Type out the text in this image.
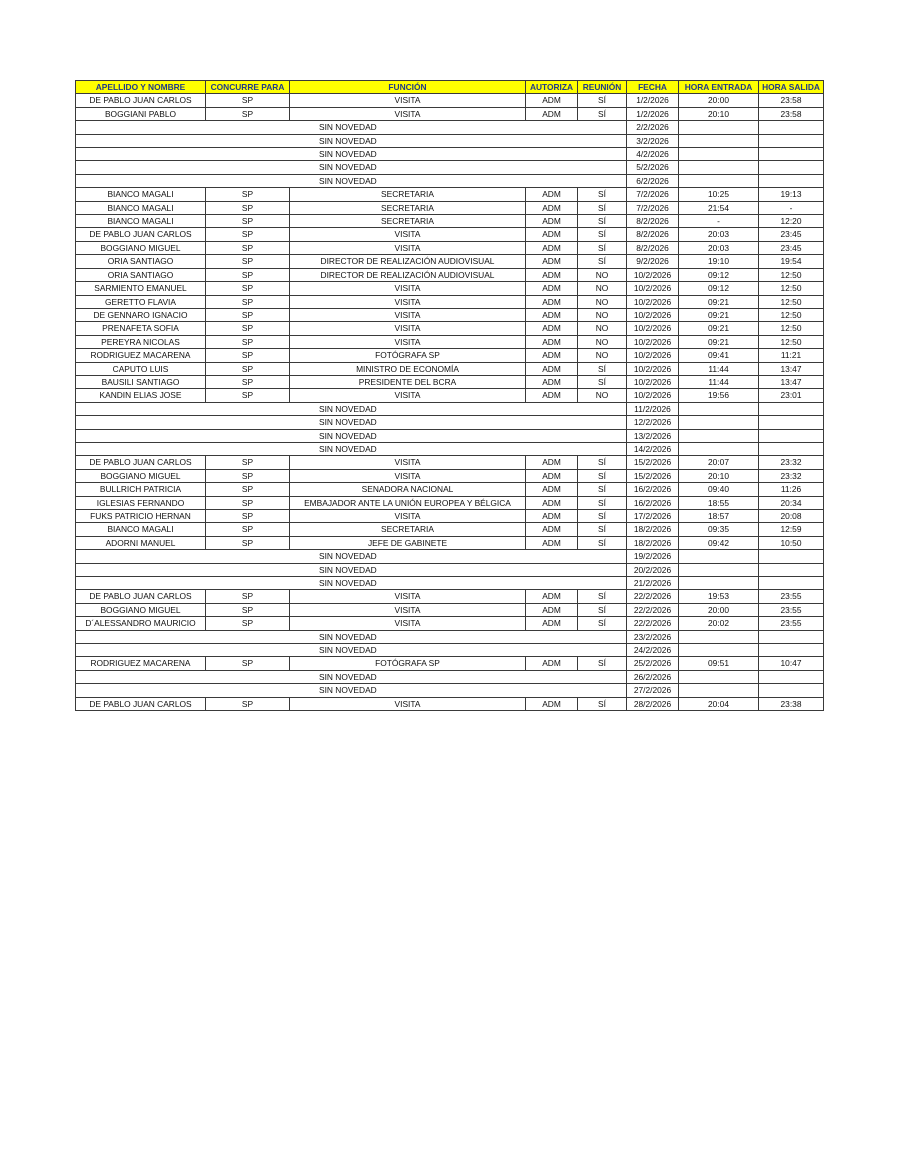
APELLIDO Y NOMBRE	CONCURRE PARA	FUNCIÓN	AUTORIZA	REUNIÓN	FECHA	HORA ENTRADA	HORA SALIDA
DE PABLO JUAN CARLOS	SP	VISITA	ADM	SÍ	1/2/2026	20:00	23:58
BOGGIANI PABLO	SP	VISITA	ADM	SÍ	1/2/2026	20:10	23:58
SIN NOVEDAD					2/2/2026		
SIN NOVEDAD					3/2/2026		
SIN NOVEDAD					4/2/2026		
SIN NOVEDAD					5/2/2026		
SIN NOVEDAD					6/2/2026		
BIANCO MAGALI	SP	SECRETARIA	ADM	SÍ	7/2/2026	10:25	19:13
BIANCO MAGALI	SP	SECRETARIA	ADM	SÍ	7/2/2026	21:54	-
BIANCO MAGALI	SP	SECRETARIA	ADM	SÍ	8/2/2026	-	12:20
DE PABLO JUAN CARLOS	SP	VISITA	ADM	SÍ	8/2/2026	20:03	23:45
BOGGIANO MIGUEL	SP	VISITA	ADM	SÍ	8/2/2026	20:03	23:45
ORIA SANTIAGO	SP	DIRECTOR DE REALIZACIÓN AUDIOVISUAL	ADM	SÍ	9/2/2026	19:10	19:54
ORIA SANTIAGO	SP	DIRECTOR DE REALIZACIÓN AUDIOVISUAL	ADM	NO	10/2/2026	09:12	12:50
SARMIENTO EMANUEL	SP	VISITA	ADM	NO	10/2/2026	09:12	12:50
GERETTO FLAVIA	SP	VISITA	ADM	NO	10/2/2026	09:21	12:50
DE GENNARO IGNACIO	SP	VISITA	ADM	NO	10/2/2026	09:21	12:50
PRENAFETA SOFIA	SP	VISITA	ADM	NO	10/2/2026	09:21	12:50
PEREYRA NICOLAS	SP	VISITA	ADM	NO	10/2/2026	09:21	12:50
RODRIGUEZ MACARENA	SP	FOTÓGRAFA SP	ADM	NO	10/2/2026	09:41	11:21
CAPUTO LUIS	SP	MINISTRO DE ECONOMÍA	ADM	SÍ	10/2/2026	11:44	13:47
BAUSILI SANTIAGO	SP	PRESIDENTE DEL BCRA	ADM	SÍ	10/2/2026	11:44	13:47
KANDIN ELIAS JOSE	SP	VISITA	ADM	NO	10/2/2026	19:56	23:01
SIN NOVEDAD					11/2/2026		
SIN NOVEDAD					12/2/2026		
SIN NOVEDAD					13/2/2026		
SIN NOVEDAD					14/2/2026		
DE PABLO JUAN CARLOS	SP	VISITA	ADM	SÍ	15/2/2026	20:07	23:32
BOGGIANO MIGUEL	SP	VISITA	ADM	SÍ	15/2/2026	20:10	23:32
BULLRICH PATRICIA	SP	SENADORA NACIONAL	ADM	SÍ	16/2/2026	09:40	11:26
IGLESIAS FERNANDO	SP	EMBAJADOR ANTE LA UNIÓN EUROPEA Y BÉLGICA	ADM	SÍ	16/2/2026	18:55	20:34
FUKS PATRICIO HERNAN	SP	VISITA	ADM	SÍ	17/2/2026	18:57	20:08
BIANCO MAGALI	SP	SECRETARIA	ADM	SÍ	18/2/2026	09:35	12:59
ADORNI MANUEL	SP	JEFE DE GABINETE	ADM	SÍ	18/2/2026	09:42	10:50
SIN NOVEDAD					19/2/2026		
SIN NOVEDAD					20/2/2026		
SIN NOVEDAD					21/2/2026		
DE PABLO JUAN CARLOS	SP	VISITA	ADM	SÍ	22/2/2026	19:53	23:55
BOGGIANO MIGUEL	SP	VISITA	ADM	SÍ	22/2/2026	20:00	23:55
D´ALESSANDRO MAURICIO	SP	VISITA	ADM	SÍ	22/2/2026	20:02	23:55
SIN NOVEDAD					23/2/2026		
SIN NOVEDAD					24/2/2026		
RODRIGUEZ MACARENA	SP	FOTÓGRAFA SP	ADM	SÍ	25/2/2026	09:51	10:47
SIN NOVEDAD					26/2/2026		
SIN NOVEDAD					27/2/2026		
DE PABLO JUAN CARLOS	SP	VISITA	ADM	SÍ	28/2/2026	20:04	23:38
